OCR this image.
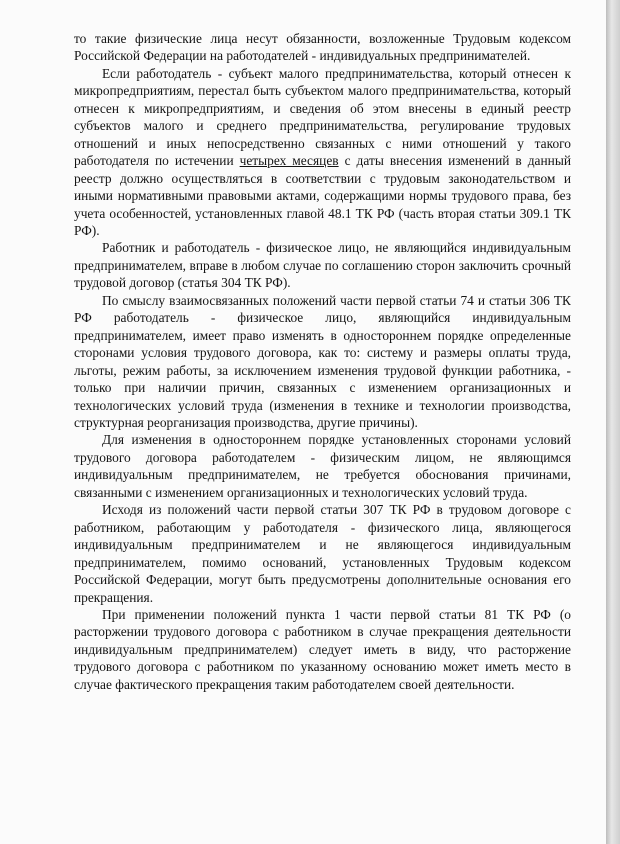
то такие физические лица несут обязанности, возложенные Трудовым кодексом Российской Федерации на работодателей - индивидуальных предпринимателей.

Если работодатель - субъект малого предпринимательства, который отнесен к микропредприятиям, перестал быть субъектом малого предпринимательства, который отнесен к микропредприятиям, и сведения об этом внесены в единый реестр субъектов малого и среднего предпринимательства, регулирование трудовых отношений и иных непосредственно связанных с ними отношений у такого работодателя по истечении четырех месяцев с даты внесения изменений в данный реестр должно осуществляться в соответствии с трудовым законодательством и иными нормативными правовыми актами, содержащими нормы трудового права, без учета особенностей, установленных главой 48.1 ТК РФ (часть вторая статьи 309.1 ТК РФ).

Работник и работодатель - физическое лицо, не являющийся индивидуальным предпринимателем, вправе в любом случае по соглашению сторон заключить срочный трудовой договор (статья 304 ТК РФ).

По смыслу взаимосвязанных положений части первой статьи 74 и статьи 306 ТК РФ работодатель - физическое лицо, являющийся индивидуальным предпринимателем, имеет право изменять в одностороннем порядке определенные сторонами условия трудового договора, как то: систему и размеры оплаты труда, льготы, режим работы, за исключением изменения трудовой функции работника, - только при наличии причин, связанных с изменением организационных и технологических условий труда (изменения в технике и технологии производства, структурная реорганизация производства, другие причины).

Для изменения в одностороннем порядке установленных сторонами условий трудового договора работодателем - физическим лицом, не являющимся индивидуальным предпринимателем, не требуется обоснования причинами, связанными с изменением организационных и технологических условий труда.

Исходя из положений части первой статьи 307 ТК РФ в трудовом договоре с работником, работающим у работодателя - физического лица, являющегося индивидуальным предпринимателем и не являющегося индивидуальным предпринимателем, помимо оснований, установленных Трудовым кодексом Российской Федерации, могут быть предусмотрены дополнительные основания его прекращения.

При применении положений пункта 1 части первой статьи 81 ТК РФ (о расторжении трудового договора с работником в случае прекращения деятельности индивидуальным предпринимателем) следует иметь в виду, что расторжение трудового договора с работником по указанному основанию может иметь место в случае фактического прекращения таким работодателем своей деятельности.
